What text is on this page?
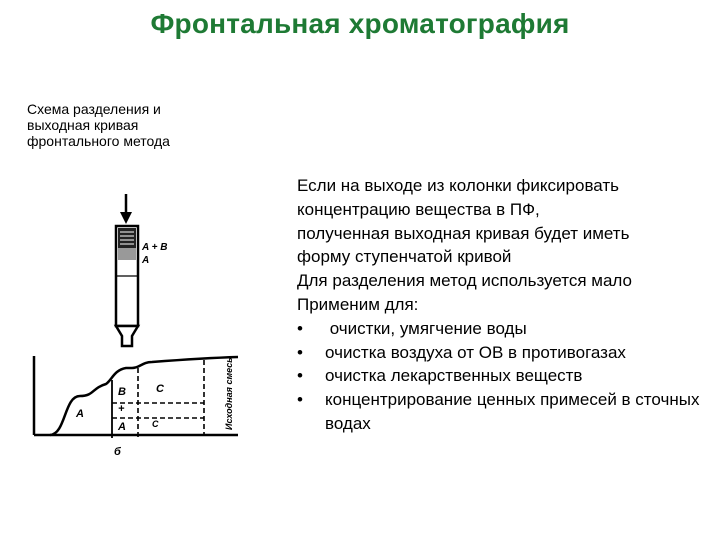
Фронтальная хроматография
Схема разделения и
выходная кривая
фронтального метода
A + B
A
A
B
+
A
C
C
б
Исходная смесь
Если на выходе из колонки фиксировать
концентрацию вещества в ПФ,
полученная выходная кривая будет иметь
форму ступенчатой кривой
Для разделения метод используется мало
Применим для:
•	очистки, умягчение воды
•	очистка воздуха от ОВ в противогазах
•	очистка лекарственных веществ
•	концентрирование ценных примесей в сточных водах
